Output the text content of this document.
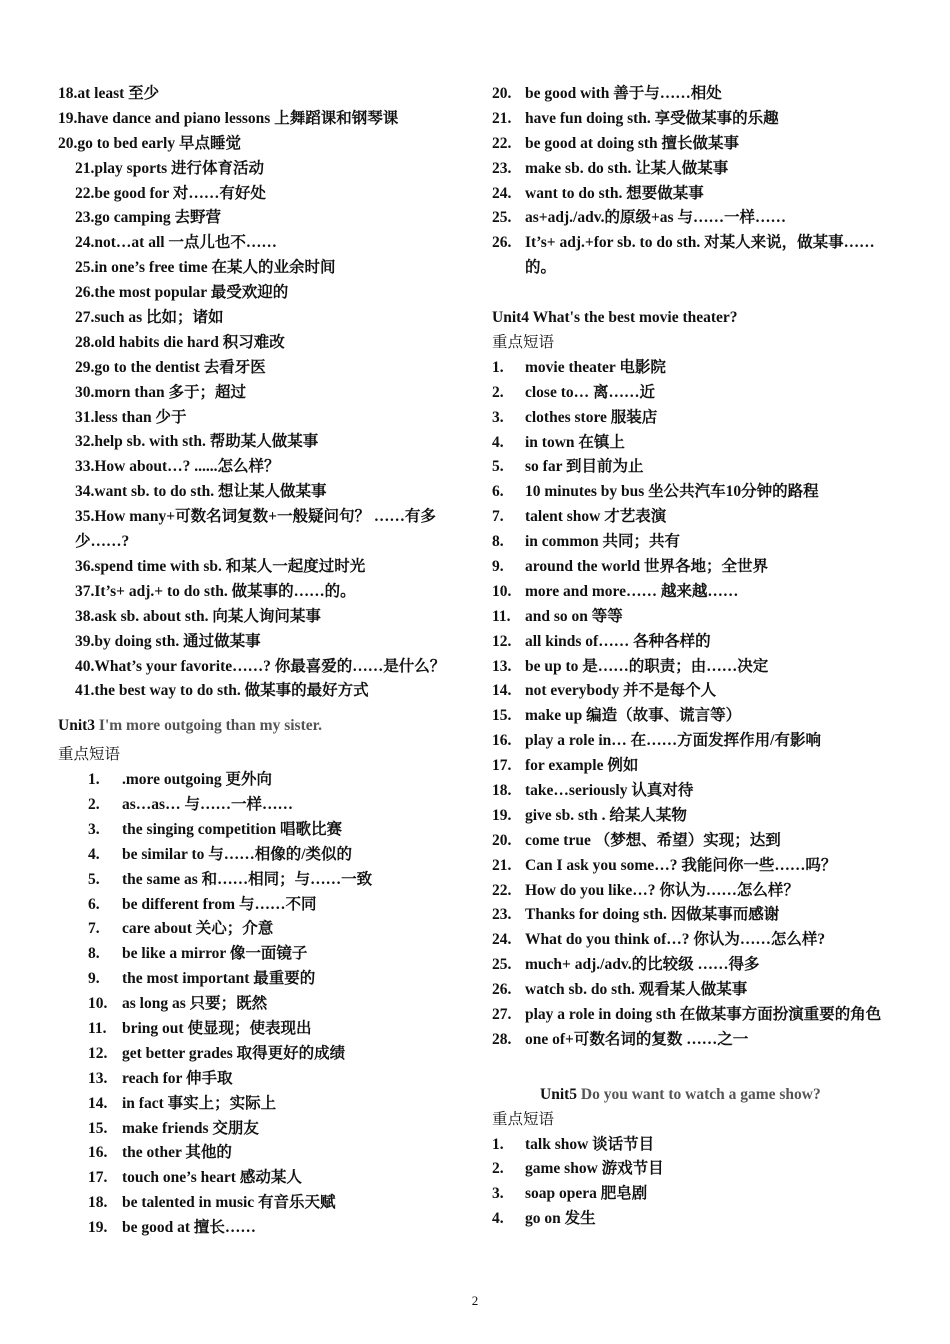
18.at least 至少
19.have dance and piano lessons 上舞蹈课和钢琴课
20.go to bed early 早点睡觉
21.play sports 进行体育活动
22.be good for 对……有好处
23.go camping 去野营
24.not…at all 一点儿也不……
25.in one’s free time 在某人的业余时间
26.the most popular 最受欢迎的
27.such as 比如；诸如
28.old habits die hard 积习难改
29.go to the dentist 去看牙医
30.morn than 多于；超过
31.less than 少于
32.help sb. with sth. 帮助某人做某事
33.How about…? ......怎么样？
34.want sb. to do sth. 想让某人做某事
35.How many+可数名词复数+一般疑问句？ ……有多少……?
36.spend time with sb. 和某人一起度过时光
37.It’s+ adj.+ to do sth. 做某事的……的。
38.ask sb. about sth. 向某人询问某事
39.by doing sth. 通过做某事
40.What’s your favorite……? 你最喜爱的……是什么？
41.the best way to do sth. 做某事的最好方式
Unit3 I'm more outgoing than my sister.
重点短语
1.	.more outgoing 更外向
2.	as…as… 与……一样……
3.	the singing competition 唱歌比赛
4.	be similar to 与……相像的/类似的
5.	the same as 和……相同；与……一致
6.	be different from 与……不同
7.	care about 关心；介意
8.	be like a mirror 像一面镜子
9.	the most important 最重要的
10. as long as 只要；既然
11. bring out 使显现；使表现出
12. get better grades 取得更好的成绩
13. reach for 伸手取
14. in fact 事实上；实际上
15. make friends 交朋友
16. the other 其他的
17. touch one’s heart 感动某人
18. be talented in music 有音乐天赋
19. be good at 擅长……
20. be good with 善于与……相处
21. have fun doing sth. 享受做某事的乐趣
22. be good at doing sth 擅长做某事
23. make sb. do sth. 让某人做某事
24. want to do sth. 想要做某事
25. as+adj./adv.的原级+as 与……一样……
26. It’s+ adj.+for sb. to do sth. 对某人来说，做某事……的。
Unit4 What's the best movie theater?
重点短语
1.	movie theater 电影院
2.	close to… 离……近
3.	clothes store 服装店
4.	in town 在镇上
5.	so far 到目前为止
6.	10 minutes by bus 坐公共汽车10分钟的路程
7.	talent show 才艺表演
8.	in common 共同；共有
9.	around the world 世界各地；全世界
10. more and more…… 越来越……
11. and so on 等等
12. all kinds of…… 各种各样的
13. be up to 是……的职责；由……决定
14. not everybody 并不是每个人
15. make up 编造（故事、谎言等）
16. play a role in… 在……方面发挥作用/有影响
17. for example 例如
18. take…seriously 认真对待
19. give sb. sth . 给某人某物
20. come true （梦想、希望）实现；达到
21. Can I ask you some…? 我能问你一些……吗？
22. How do you like…? 你认为……怎么样？
23. Thanks for doing sth. 因做某事而感谢
24. What do you think of…? 你认为……怎么样?
25. much+ adj./adv.的比较级 ……得多
26. watch sb. do sth. 观看某人做某事
27. play a role in doing sth 在做某事方面扮演重要的角色
28. one of+可数名词的复数 ……之一
Unit5 Do you want to watch a game show?
重点短语
1.	talk show 谈话节目
2.	game show 游戏节目
3.	soap opera 肥皂剧
4.	go on 发生
2
